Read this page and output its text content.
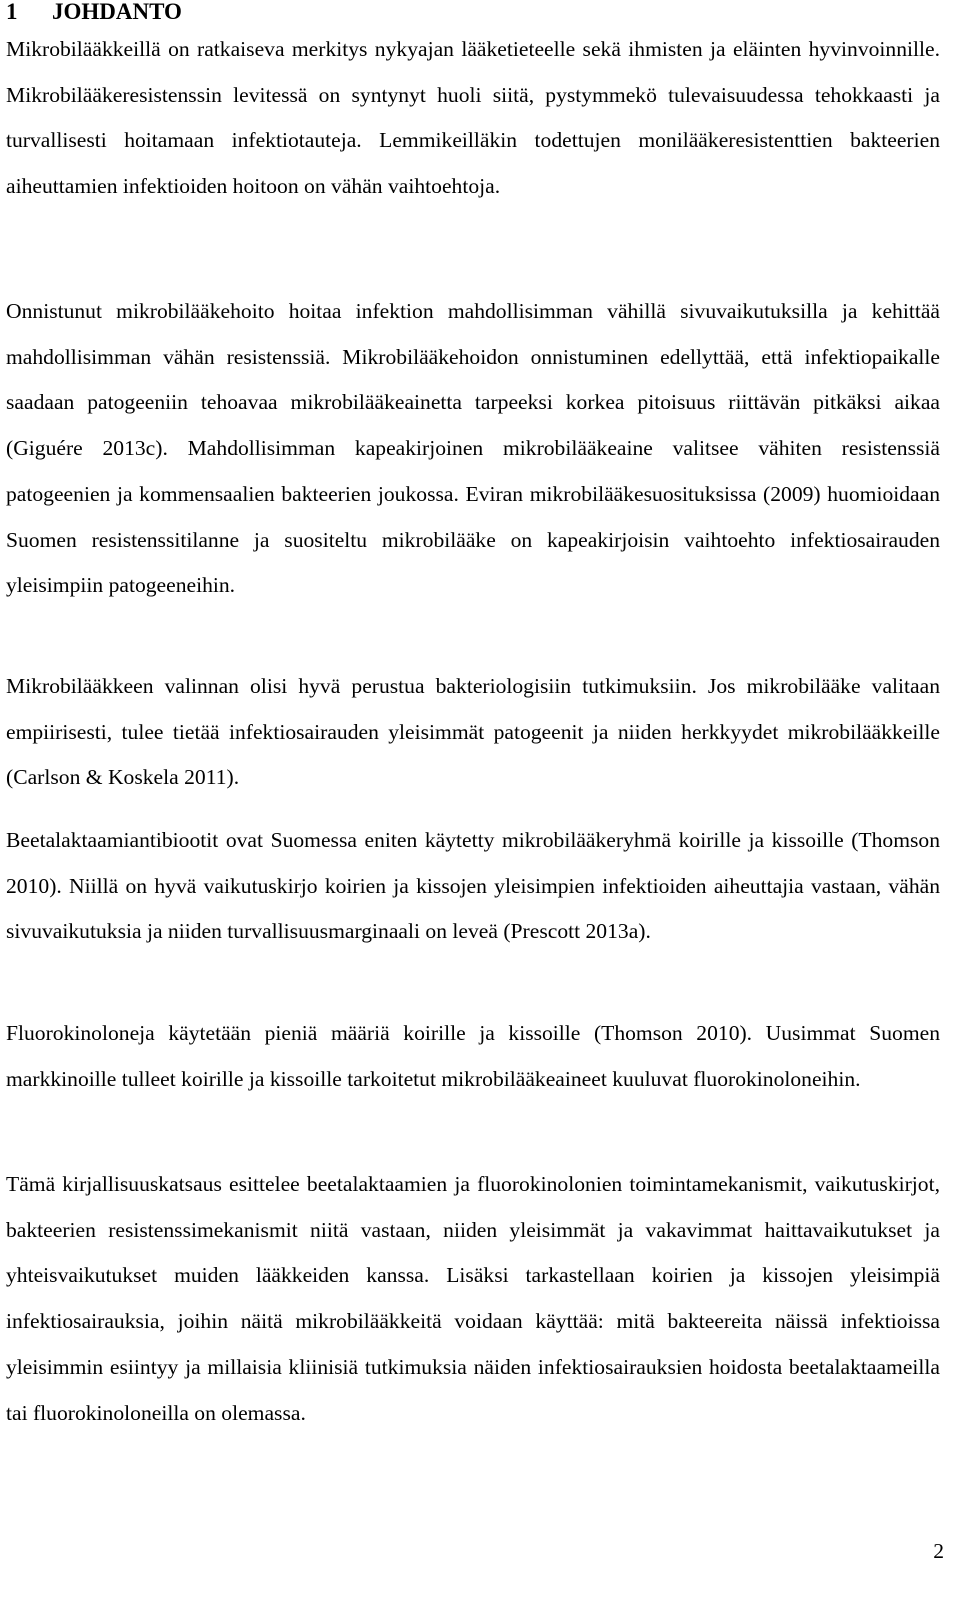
1 JOHDANTO

Mikrobilääkkeillä on ratkaiseva merkitys nykyajan lääketieteelle sekä ihmisten ja eläinten hyvinvoinnille. Mikrobilääkeresistenssin levitessä on syntynyt huoli siitä, pystymmekö tulevaisuudessa tehokkaasti ja turvallisesti hoitamaan infektiotauteja. Lemmikeilläkin todettujen monilääkeresistenttien bakteerien aiheuttamien infektioiden hoitoon on vähän vaihtoehtoja.

Onnistunut mikrobilääkehoito hoitaa infektion mahdollisimman vähillä sivuvaikutuksilla ja kehittää mahdollisimman vähän resistenssiä. Mikrobilääkehoidon onnistuminen edellyttää, että infektiopaikalle saadaan patogeeniin tehoavaa mikrobilääkeainetta tarpeeksi korkea pitoisuus riittävän pitkäksi aikaa (Giguére 2013c). Mahdollisimman kapeakirjoinen mikrobilääkeaine valitsee vähiten resistenssiä patogeenien ja kommensaalien bakteerien joukossa. Eviran mikrobilääkesuosituksissa (2009) huomioidaan Suomen resistenssitilanne ja suositeltu mikrobilääke on kapeakirjoisin vaihtoehto infektiosairauden yleisimpiin patogeeneihin.

Mikrobilääkkeen valinnan olisi hyvä perustua bakteriologisiin tutkimuksiin. Jos mikrobilääke valitaan empiirisesti, tulee tietää infektiosairauden yleisimmät patogeenit ja niiden herkkyydet mikrobilääkkeille (Carlson & Koskela 2011).

Beetalaktaamiantibiootit ovat Suomessa eniten käytetty mikrobilääkeryhmä koirille ja kissoille (Thomson 2010). Niillä on hyvä vaikutuskirjo koirien ja kissojen yleisimpien infektioiden aiheuttajia vastaan, vähän sivuvaikutuksia ja niiden turvallisuusmarginaali on leveä (Prescott 2013a).

Fluorokinoloneja käytetään pieniä määriä koirille ja kissoille (Thomson 2010). Uusimmat Suomen markkinoille tulleet koirille ja kissoille tarkoitetut mikrobilääkeaineet kuuluvat fluorokinoloneihin.

Tämä kirjallisuuskatsaus esittelee beetalaktaamien ja fluorokinolonien toimintamekanismit, vaikutuskirjot, bakteerien resistenssimekanismit niitä vastaan, niiden yleisimmät ja vakavimmat haittavaikutukset ja yhteisvaikutukset muiden lääkkeiden kanssa. Lisäksi tarkastellaan koirien ja kissojen yleisimpiä infektiosairauksia, joihin näitä mikrobilääkkeitä voidaan käyttää: mitä bakteereita näissä infektioissa yleisimmin esiintyy ja millaisia kliinisiä tutkimuksia näiden infektiosairauksien hoidosta beetalaktaameilla tai fluorokinoloneilla on olemassa.

2
